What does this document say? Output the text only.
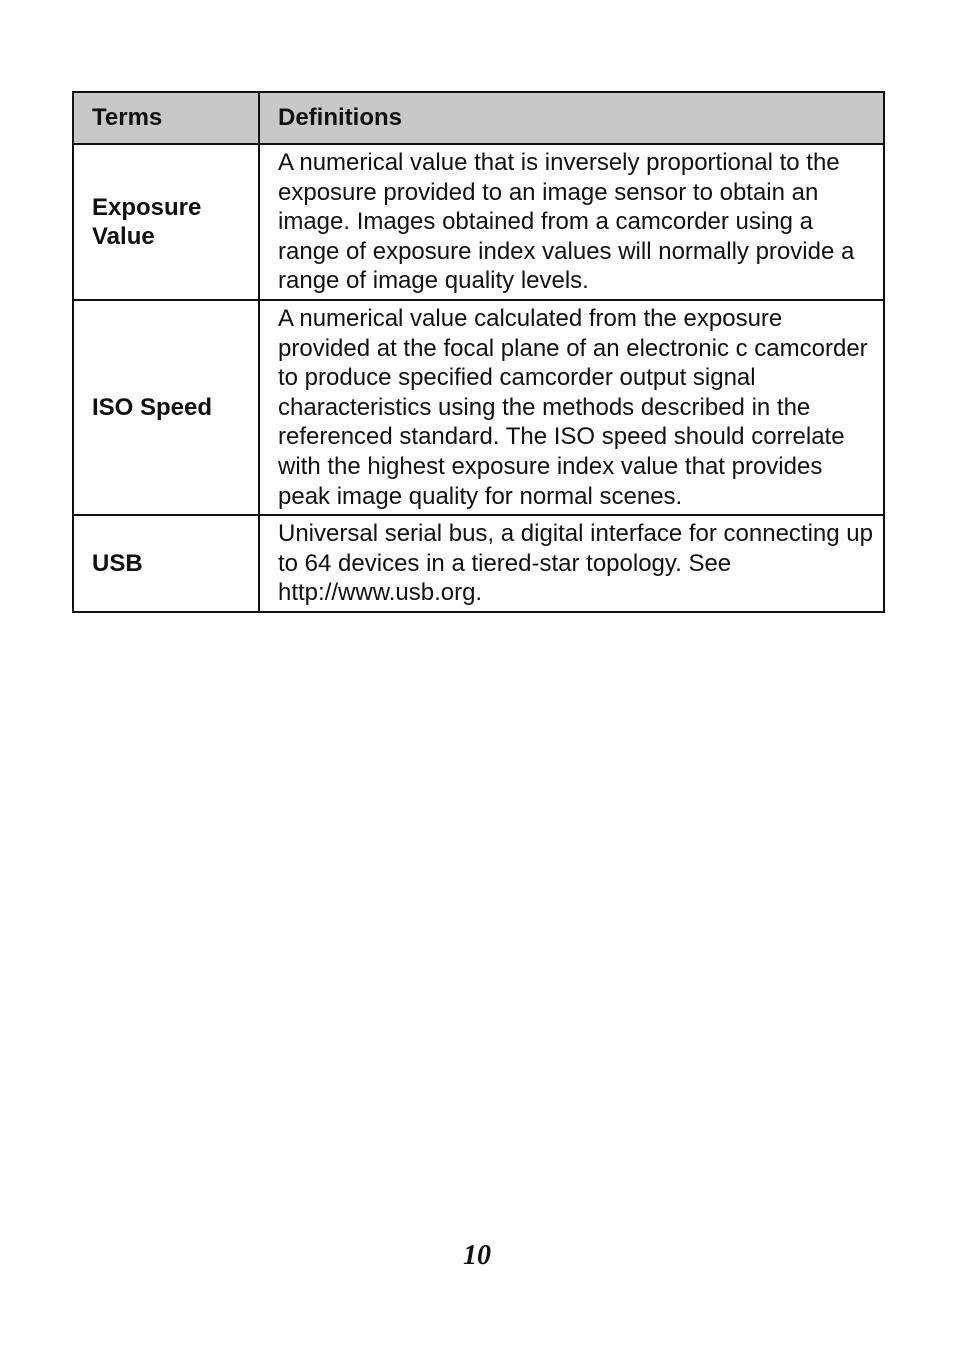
Terms	Definitions
Exposure Value	A numerical value that is inversely proportional to the exposure provided to an image sensor to obtain an image. Images obtained from a camcorder using a range of exposure index values will normally provide a range of image quality levels.
ISO Speed	A numerical value calculated from the exposure provided at the focal plane of an electronic c camcorder to produce specified camcorder output signal characteristics using the methods described in the referenced standard. The ISO speed should correlate with the highest exposure index value that provides peak image quality for normal scenes.
USB	Universal serial bus, a digital interface for connecting up to 64 devices in a tiered-star topology. See http://www.usb.org.
10
